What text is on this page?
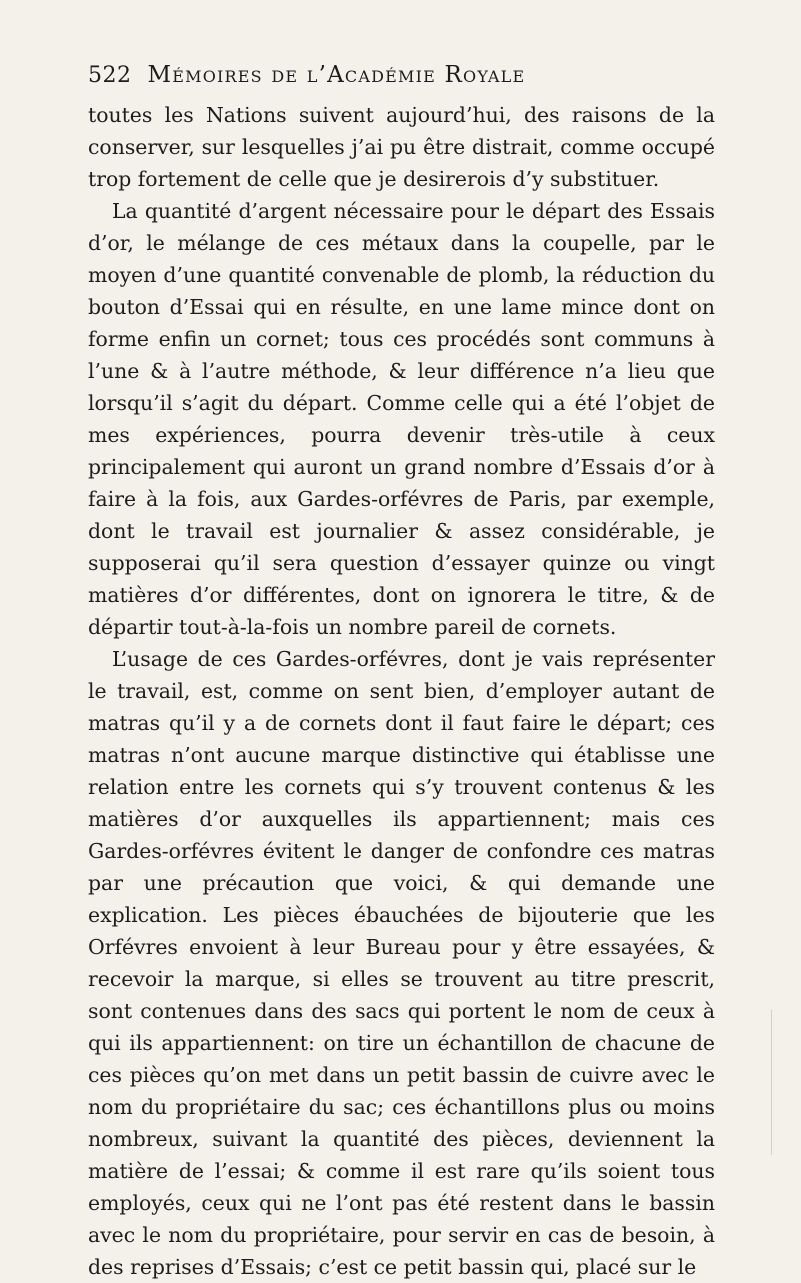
522 Mémoires de l’Académie Royale

toutes les Nations suivent aujourd’hui, des raisons de la conserver, sur lesquelles j’ai pu être distrait, comme occupé trop fortement de celle que je desirerois d’y substituer.

La quantité d’argent nécessaire pour le départ des Essais d’or, le mélange de ces métaux dans la coupelle, par le moyen d’une quantité convenable de plomb, la réduction du bouton d’Essai qui en résulte, en une lame mince dont on forme enfin un cornet; tous ces procédés sont communs à l’une & à l’autre méthode, & leur différence n’a lieu que lorsqu’il s’agit du départ. Comme celle qui a été l’objet de mes expériences, pourra devenir très-utile à ceux principalement qui auront un grand nombre d’Essais d’or à faire à la fois, aux Gardes-orfévres de Paris, par exemple, dont le travail est journalier & assez considérable, je supposerai qu’il sera question d’essayer quinze ou vingt matières d’or différentes, dont on ignorera le titre, & de départir tout-à-la-fois un nombre pareil de cornets.

L’usage de ces Gardes-orfévres, dont je vais représenter le travail, est, comme on sent bien, d’employer autant de matras qu’il y a de cornets dont il faut faire le départ; ces matras n’ont aucune marque distinctive qui établisse une relation entre les cornets qui s’y trouvent contenus & les matières d’or auxquelles ils appartiennent; mais ces Gardes-orfévres évitent le danger de confondre ces matras par une précaution que voici, & qui demande une explication. Les pièces ébauchées de bijouterie que les Orfévres envoient à leur Bureau pour y être essayées, & recevoir la marque, si elles se trouvent au titre prescrit, sont contenues dans des sacs qui portent le nom de ceux à qui ils appartiennent: on tire un échantillon de chacune de ces pièces qu’on met dans un petit bassin de cuivre avec le nom du propriétaire du sac; ces échantillons plus ou moins nombreux, suivant la quantité des pièces, deviennent la matière de l’essai; & comme il est rare qu’ils soient tous employés, ceux qui ne l’ont pas été restent dans le bassin avec le nom du propriétaire, pour servir en cas de besoin, à des reprises d’Essais; c’est ce petit bassin qui, placé sur le
